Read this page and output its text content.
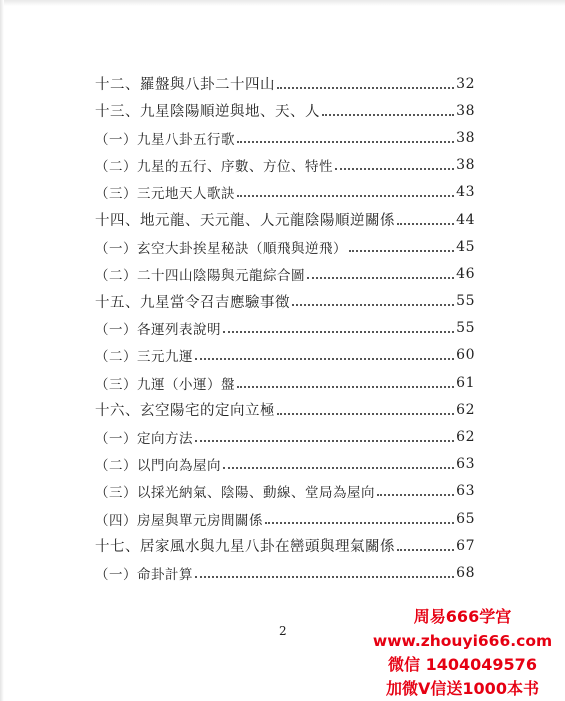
十二、羅盤與八卦二十四山	32
十三、九星陰陽順逆與地、天、人	38
（一）九星八卦五行歌	38
（二）九星的五行、序數、方位、特性	38
（三）三元地天人歌訣	43
十四、地元龍、天元龍、人元龍陰陽順逆關係	44
（一）玄空大卦挨星秘訣（順飛與逆飛）	45
（二）二十四山陰陽與元龍綜合圖	46
十五、九星當令召吉應驗事徵	55
（一）各運列表說明	55
（二）三元九運	60
（三）九運（小運）盤	61
十六、玄空陽宅的定向立極	62
（一）定向方法	62
（二）以門向為屋向	63
（三）以採光納氣、陰陽、動線、堂局為屋向	63
（四）房屋與單元房間關係	65
十七、居家風水與九星八卦在巒頭與理氣關係	67
（一）命卦計算	68
2
周易666学宫
www.zhouyi666.com
微信 1404049576
加微V信送1000本书
